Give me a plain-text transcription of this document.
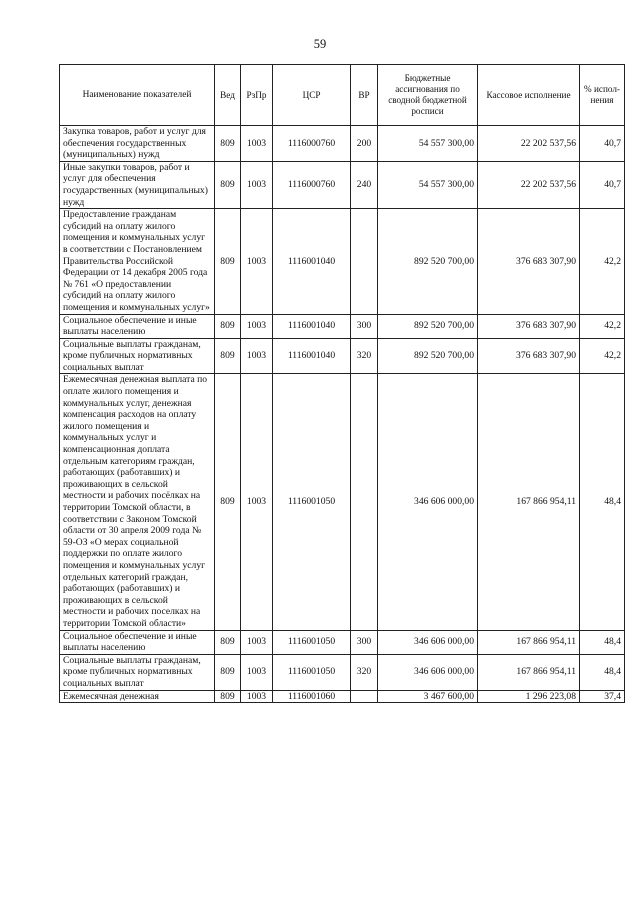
59
Наименование показателей	Вед	РзПр	ЦСР	ВР	Бюджетные ассигнования по сводной бюджетной росписи	Кассовое исполнение	% испол-нения
Закупка товаров, работ и услуг для обеспечения государственных (муниципальных) нужд	809	1003	1116000760	200	54 557 300,00	22 202 537,56	40,7
Иные закупки товаров, работ и услуг для обеспечения государственных (муниципальных) нужд	809	1003	1116000760	240	54 557 300,00	22 202 537,56	40,7
Предоставление гражданам субсидий на оплату жилого помещения и коммунальных услуг в соответствии с Постановлением Правительства Российской Федерации от 14 декабря 2005 года № 761 «О предоставлении субсидий на оплату жилого помещения и коммунальных услуг»	809	1003	1116001040		892 520 700,00	376 683 307,90	42,2
Социальное обеспечение и иные выплаты населению	809	1003	1116001040	300	892 520 700,00	376 683 307,90	42,2
Социальные выплаты гражданам, кроме публичных нормативных социальных выплат	809	1003	1116001040	320	892 520 700,00	376 683 307,90	42,2
Ежемесячная денежная выплата по оплате жилого помещения и коммунальных услуг, денежная компенсация расходов на оплату жилого помещения и коммунальных услуг и компенсационная доплата отдельным категориям граждан, работающих (работавших) и проживающих в сельской местности и рабочих посёлках на территории Томской области, в соответствии с Законом Томской области от 30 апреля 2009 года № 59-ОЗ «О мерах социальной поддержки по оплате жилого помещения и коммунальных услуг отдельных категорий граждан, работающих (работавших) и проживающих в сельской местности и рабочих поселках на территории Томской области»	809	1003	1116001050		346 606 000,00	167 866 954,11	48,4
Социальное обеспечение и иные выплаты населению	809	1003	1116001050	300	346 606 000,00	167 866 954,11	48,4
Социальные выплаты гражданам, кроме публичных нормативных социальных выплат	809	1003	1116001050	320	346 606 000,00	167 866 954,11	48,4
Ежемесячная денежная	809	1003	1116001060		3 467 600,00	1 296 223,08	37,4
